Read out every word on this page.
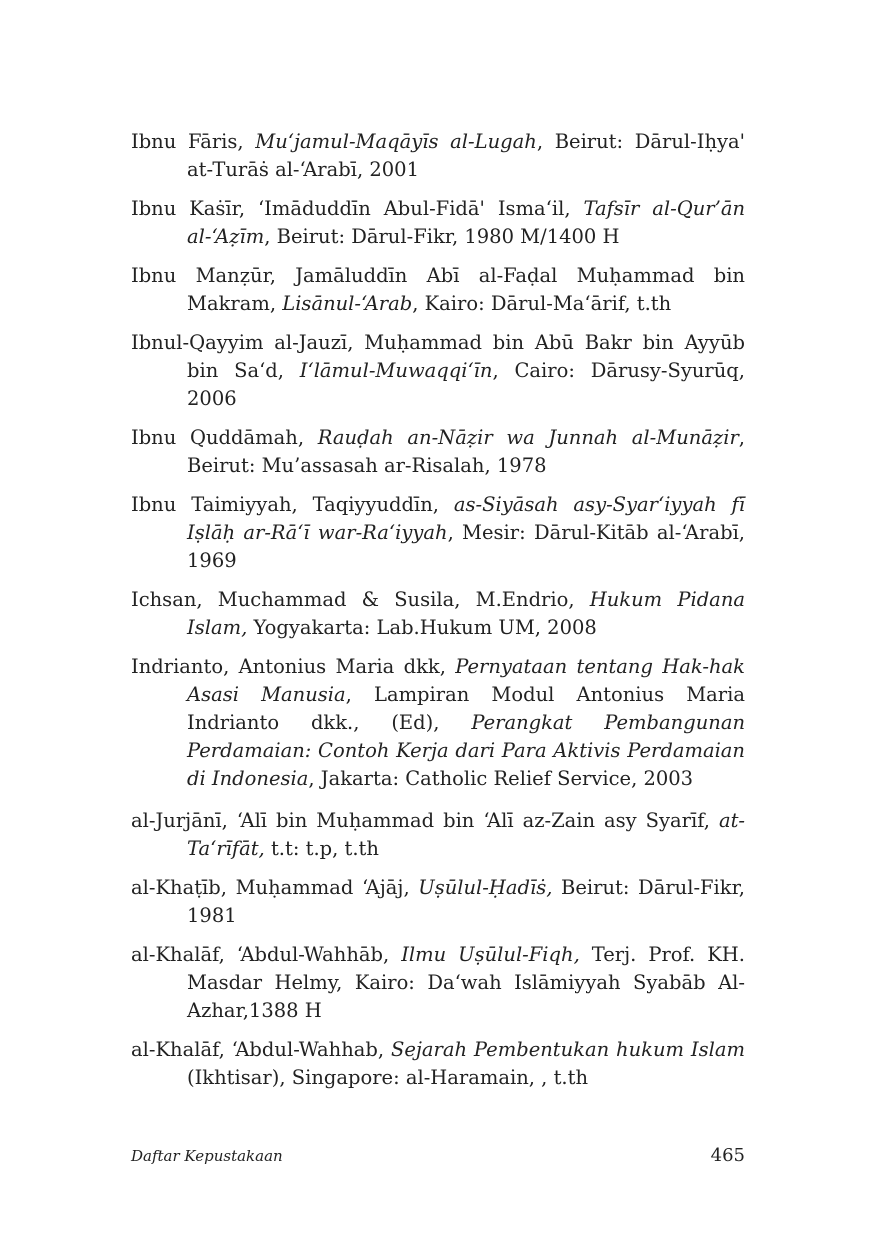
Ibnu Fāris, Mu‘jamul-Maqāyīs al-Lugah, Beirut: Dārul-Iḥya' at-Turāṡ al-‘Arabī, 2001

Ibnu Kaṡīr, ‘Imāduddīn Abul-Fidā' Isma‘il, Tafsīr al-Qur’ān al-‘Aẓīm, Beirut: Dārul-Fikr, 1980 M/1400 H

Ibnu Manẓūr, Jamāluddīn Abī al-Faḍal Muḥammad bin Makram, Lisānul-‘Arab, Kairo: Dārul-Ma‘ārif, t.th

Ibnul-Qayyim al-Jauzī, Muḥammad bin Abū Bakr bin Ayyūb bin Sa‘d, I‘lāmul-Muwaqqi‘īn, Cairo: Dārusy-Syurūq, 2006

Ibnu Quddāmah, Rauḍah an-Nāẓir wa Junnah al-Munāẓir, Beirut: Mu’assasah ar-Risalah, 1978

Ibnu Taimiyyah, Taqiyyuddīn, as-Siyāsah asy-Syar‘iyyah fī Iṣlāḥ ar-Rā‘ī war-Ra‘iyyah, Mesir: Dārul-Kitāb al-‘Arabī, 1969

Ichsan, Muchammad & Susila, M.Endrio, Hukum Pidana Islam, Yogyakarta: Lab.Hukum UM, 2008

Indrianto, Antonius Maria dkk, Pernyataan tentang Hak-hak Asasi Manusia, Lampiran Modul Antonius Maria Indrianto dkk., (Ed), Perangkat Pembangunan Perdamaian: Contoh Kerja dari Para Aktivis Perdamaian di Indonesia, Jakarta: Catholic Relief Service, 2003

al-Jurjānī, ‘Alī bin Muḥammad bin ‘Alī az-Zain asy Syarīf, at-Ta‘rīfāt, t.t: t.p, t.th

al-Khaṭīb, Muḥammad ‘Ajāj, Uṣūlul-Ḥadīṡ, Beirut: Dārul-Fikr, 1981

al-Khalāf, ‘Abdul-Wahhāb, Ilmu Uṣūlul-Fiqh, Terj. Prof. KH. Masdar Helmy, Kairo: Da‘wah Islāmiyyah Syabāb Al-Azhar,1388 H

al-Khalāf, ‘Abdul-Wahhab, Sejarah Pembentukan hukum Islam (Ikhtisar), Singapore: al-Haramain, , t.th

Daftar Kepustakaan	465
